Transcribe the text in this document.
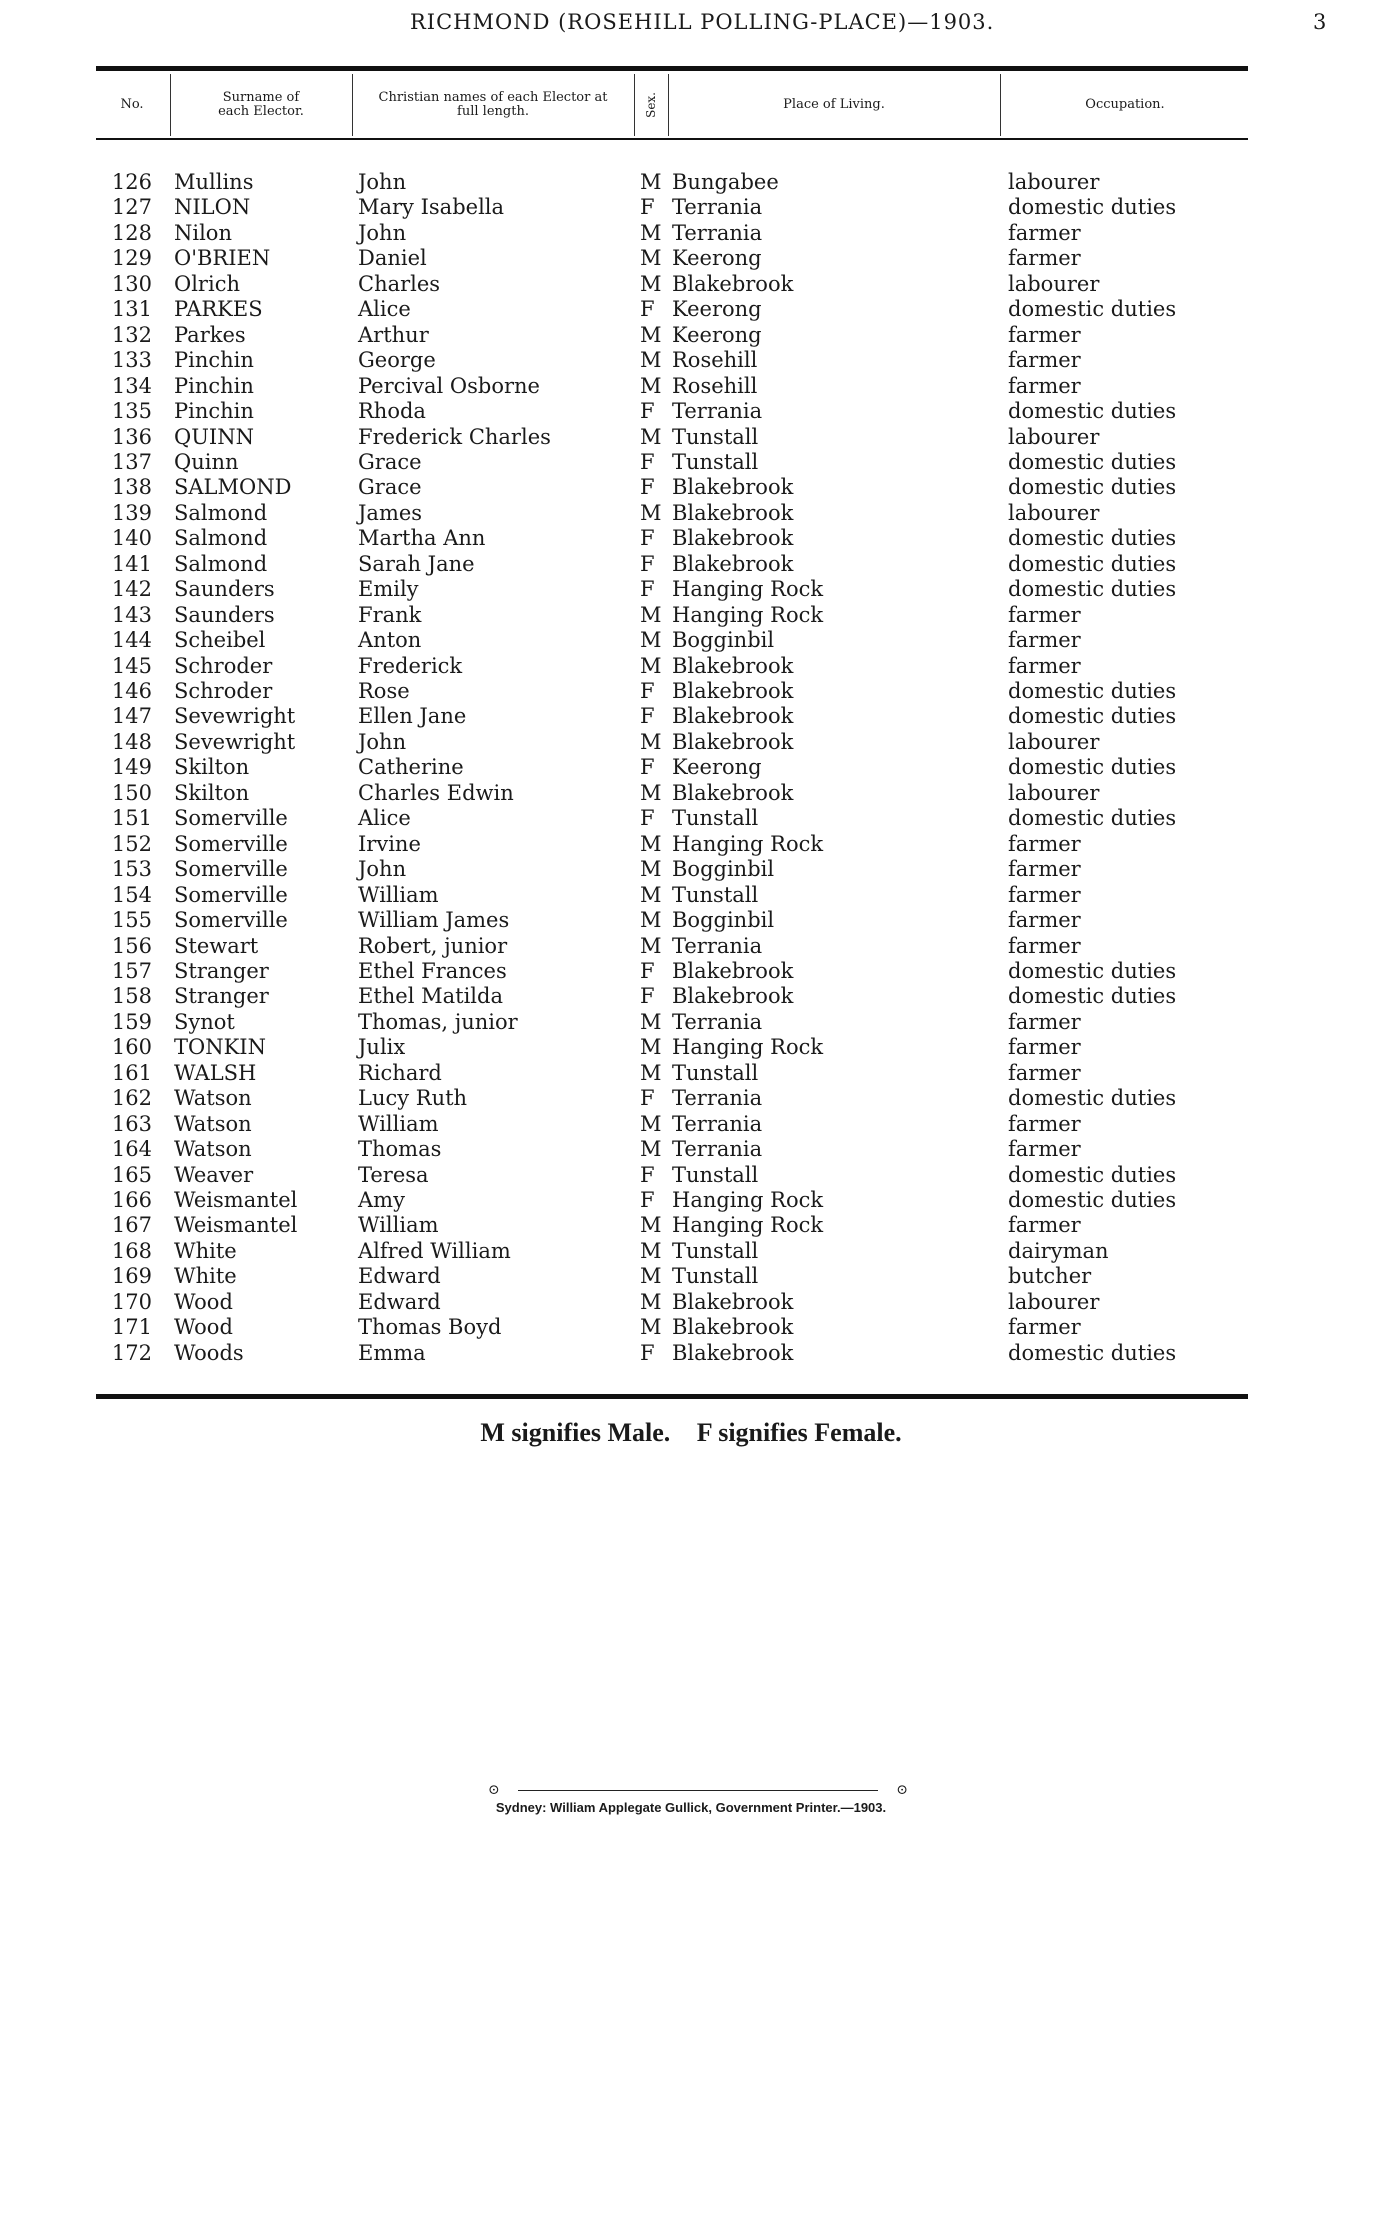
RICHMOND (ROSEHILL POLLING-PLACE)—1903.	3
No.	Surname of each Elector.
Christian names of each Elector at full length.	Sex.	Place of Living.	Occupation.
126 Mullins	John	M Bungabee	labourer
127 NILON	Mary Isabella	F Terrania	domestic duties
128 Nilon	John	M Terrania	farmer
129 O'BRIEN	Daniel	M Keerong	farmer
130 Olrich	Charles	M Blakebrook	labourer
131 PARKES	Alice	F Keerong	domestic duties
132 Parkes	Arthur	M Keerong	farmer
133 Pinchin	George	M Rosehill	farmer
134 Pinchin	Percival Osborne	M Rosehill	farmer
135 Pinchin	Rhoda	F Terrania	domestic duties
136 QUINN	Frederick Charles	M Tunstall	labourer
137 Quinn	Grace	F Tunstall	domestic duties
138 SALMOND	Grace	F Blakebrook	domestic duties
139 Salmond	James	M Blakebrook	labourer
140 Salmond	Martha Ann	F Blakebrook	domestic duties
141 Salmond	Sarah Jane	F Blakebrook	domestic duties
142 Saunders	Emily	F Hanging Rock	domestic duties
143 Saunders	Frank	M Hanging Rock	farmer
144 Scheibel	Anton	M Bogginbil	farmer
145 Schroder	Frederick	M Blakebrook	farmer
146 Schroder	Rose	F Blakebrook	domestic duties
147 Sevewright	Ellen Jane	F Blakebrook	domestic duties
148 Sevewright	John	M Blakebrook	labourer
149 Skilton	Catherine	F Keerong	domestic duties
150 Skilton	Charles Edwin	M Blakebrook	labourer
151 Somerville	Alice	F Tunstall	domestic duties
152 Somerville	Irvine	M Hanging Rock	farmer
153 Somerville	John	M Bogginbil	farmer
154 Somerville	William	M Tunstall	farmer
155 Somerville	William James	M Bogginbil	farmer
156 Stewart	Robert, junior	M Terrania	farmer
157 Stranger	Ethel Frances	F Blakebrook	domestic duties
158 Stranger	Ethel Matilda	F Blakebrook	domestic duties
159 Synot	Thomas, junior	M Terrania	farmer
160 TONKIN	Julix	M Hanging Rock	farmer
161 WALSH	Richard	M Tunstall	farmer
162 Watson	Lucy Ruth	F Terrania	domestic duties
163 Watson	William	M Terrania	farmer
164 Watson	Thomas	M Terrania	farmer
165 Weaver	Teresa	F Tunstall	domestic duties
166 Weismantel	Amy	F Hanging Rock	domestic duties
167 Weismantel	William	M Hanging Rock	farmer
168 White	Alfred William	M Tunstall	dairyman
169 White	Edward	M Tunstall	butcher
170 Wood	Edward	M Blakebrook	labourer
171 Wood	Thomas Boyd	M Blakebrook	farmer
172 Woods	Emma	F Blakebrook	domestic duties
M signifies Male. F signifies Female.
⊙	⊙
Sydney: William Applegate Gullick, Government Printer.—1903.
